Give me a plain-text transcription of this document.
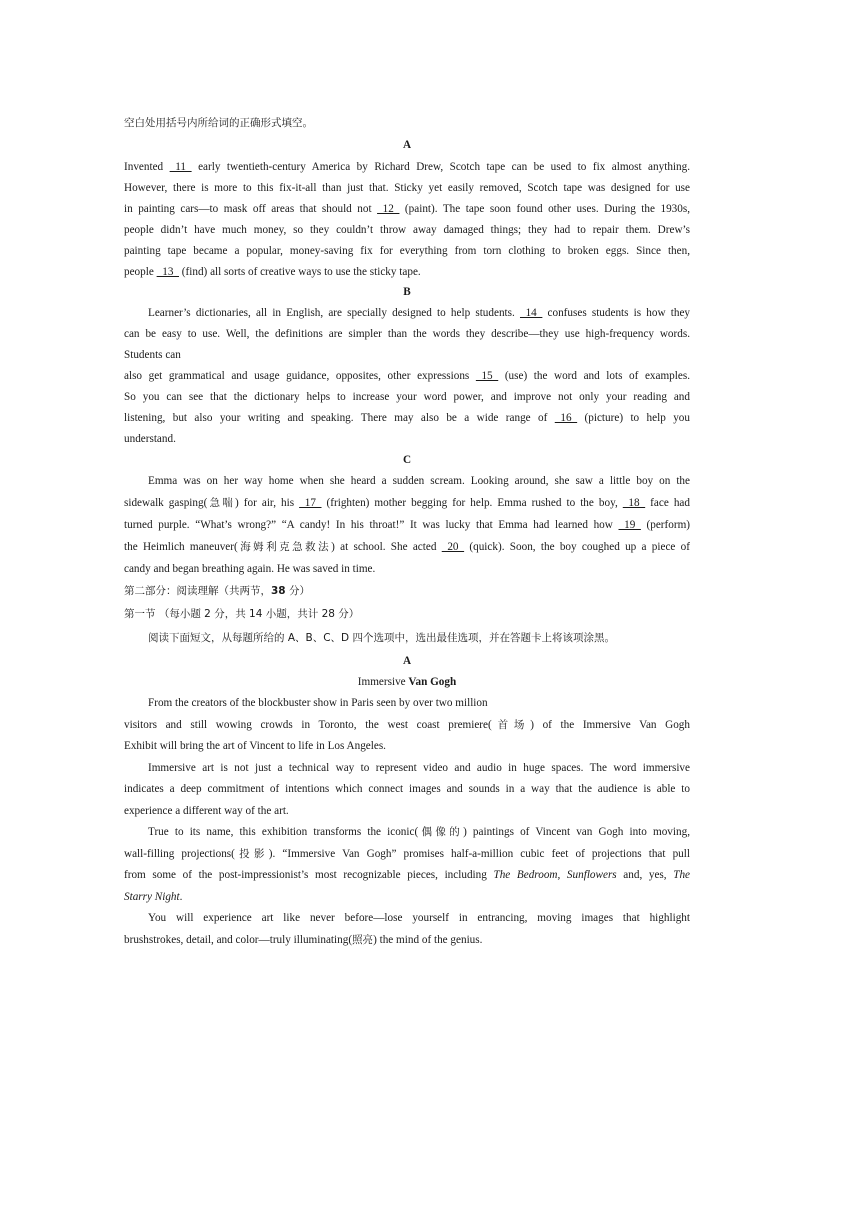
空白处用括号内所给词的正确形式填空。
A
Invented   11   early twentieth-century America by Richard Drew, Scotch tape can be used to fix almost anything.
However, there is more to this fix-it-all than just that. Sticky yet easily removed, Scotch tape was designed for use
in painting cars—to mask off areas that should not   12   (paint). The tape soon found other uses. During the 1930s,
people didn’t have much money, so they couldn’t throw away damaged things; they had to repair them. Drew’s
painting tape became a popular, money-saving fix for everything from torn clothing to broken eggs. Since then,
people   13   (find) all sorts of creative ways to use the sticky tape.
B
Learner’s dictionaries, all in English, are specially designed to help students.   14   confuses students is how they
can be easy to use. Well, the definitions are simpler than the words they describe—they use high-frequency words.
Students can
also get grammatical and usage guidance, opposites, other expressions   15   (use) the word and lots of examples.
So you can see that the dictionary helps to increase your word power, and improve not only your reading and
listening, but also your writing and speaking. There may also be a wide range of   16   (picture) to help you
understand.
C
Emma was on her way home when she heard a sudden scream. Looking around, she saw a little boy on the
sidewalk gasping(急喘) for air, his   17   (frighten) mother begging for help. Emma rushed to the boy,   18   face had
turned purple. “What’s wrong?” “A candy! In his throat!” It was lucky that Emma had learned how   19   (perform)
the Heimlich maneuver(海姆利克急救法) at school. She acted   20   (quick). Soon, the boy coughed up a piece of
candy and began breathing again. He was saved in time.
第二部分：阅读理解（共两节，38 分）
第一节 （每小题 2 分，共 14 小题，共计 28 分）
阅读下面短文，从每题所给的 A、B、C、D 四个选项中，选出最佳选项，并在答题卡上将该项涂黑。
A
Immersive Van Gogh
From the creators of the blockbuster show in Paris seen by over two million
visitors and still wowing crowds in Toronto, the west coast premiere(首场) of the Immersive Van Gogh
Exhibit will bring the art of Vincent to life in Los Angeles.
Immersive art is not just a technical way to represent video and audio in huge spaces. The word immersive
indicates a deep commitment of intentions which connect images and sounds in a way that the audience is able to
experience a different way of the art.
True to its name, this exhibition transforms the iconic(偶像的) paintings of Vincent van Gogh into moving,
wall-filling projections(投影). “Immersive Van Gogh” promises half-a-million cubic feet of projections that pull
from some of the post-impressionist’s most recognizable pieces, including The Bedroom, Sunflowers and, yes, The
Starry Night.
You will experience art like never before—lose yourself in entrancing, moving images that highlight
brushstrokes, detail, and color—truly illuminating(照亮) the mind of the genius.
